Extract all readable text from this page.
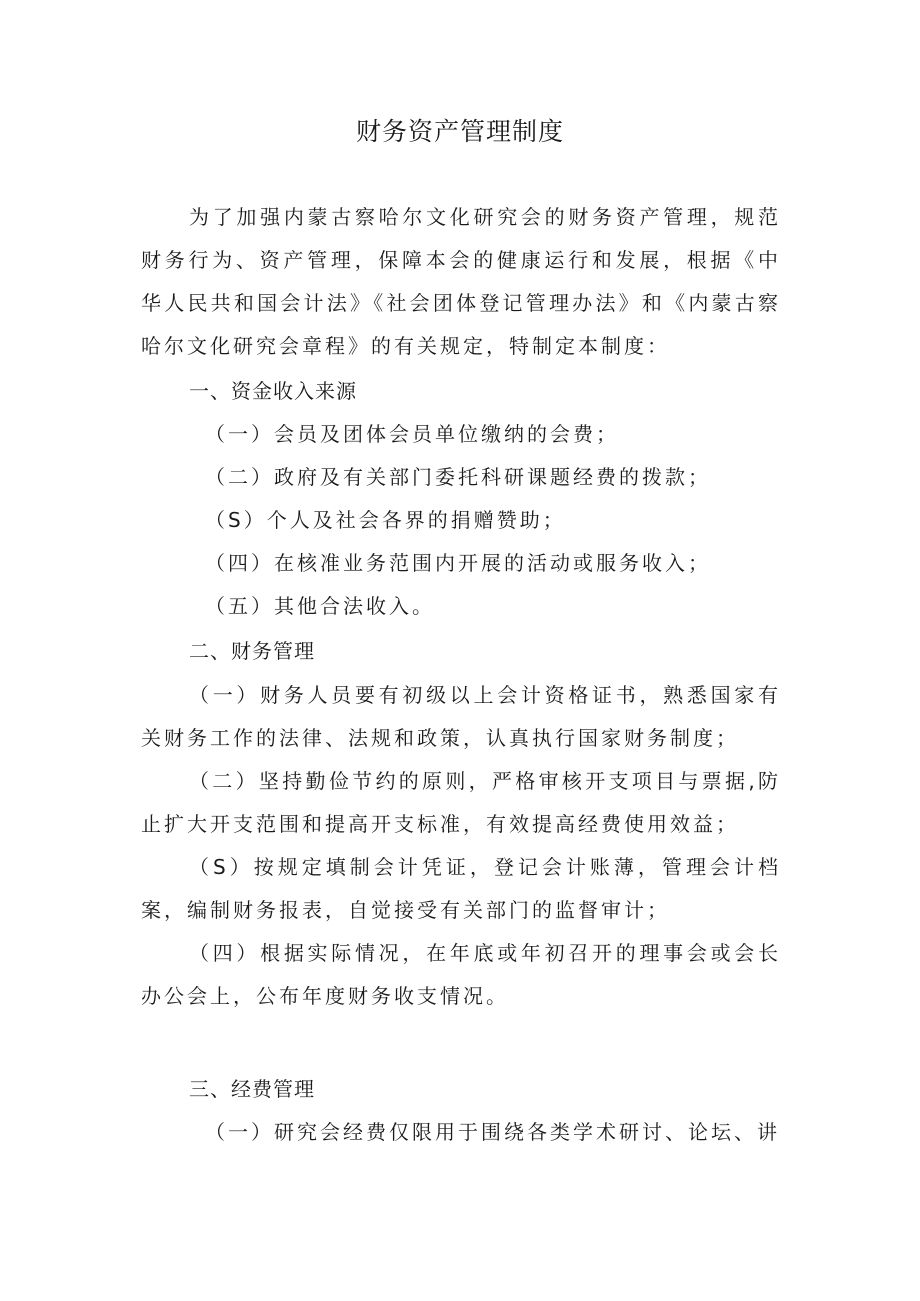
财务资产管理制度

为了加强内蒙古察哈尔文化研究会的财务资产管理，规范财务行为、资产管理，保障本会的健康运行和发展，根据《中华人民共和国会计法》《社会团体登记管理办法》和《内蒙古察哈尔文化研究会章程》的有关规定，特制定本制度：

一、资金收入来源
（一）会员及团体会员单位缴纳的会费；
（二）政府及有关部门委托科研课题经费的拨款；
（S）个人及社会各界的捐赠赞助；
（四）在核准业务范围内开展的活动或服务收入；
（五）其他合法收入。
二、财务管理

（一）财务人员要有初级以上会计资格证书，熟悉国家有关财务工作的法律、法规和政策，认真执行国家财务制度；

（二）坚持勤俭节约的原则，严格审核开支项目与票据,防止扩大开支范围和提高开支标准，有效提高经费使用效益；

（S）按规定填制会计凭证，登记会计账薄，管理会计档案，编制财务报表，自觉接受有关部门的监督审计；

（四）根据实际情况，在年底或年初召开的理事会或会长办公会上，公布年度财务收支情况。

三、经费管理
（一）研究会经费仅限用于围绕各类学术研讨、论坛、讲
